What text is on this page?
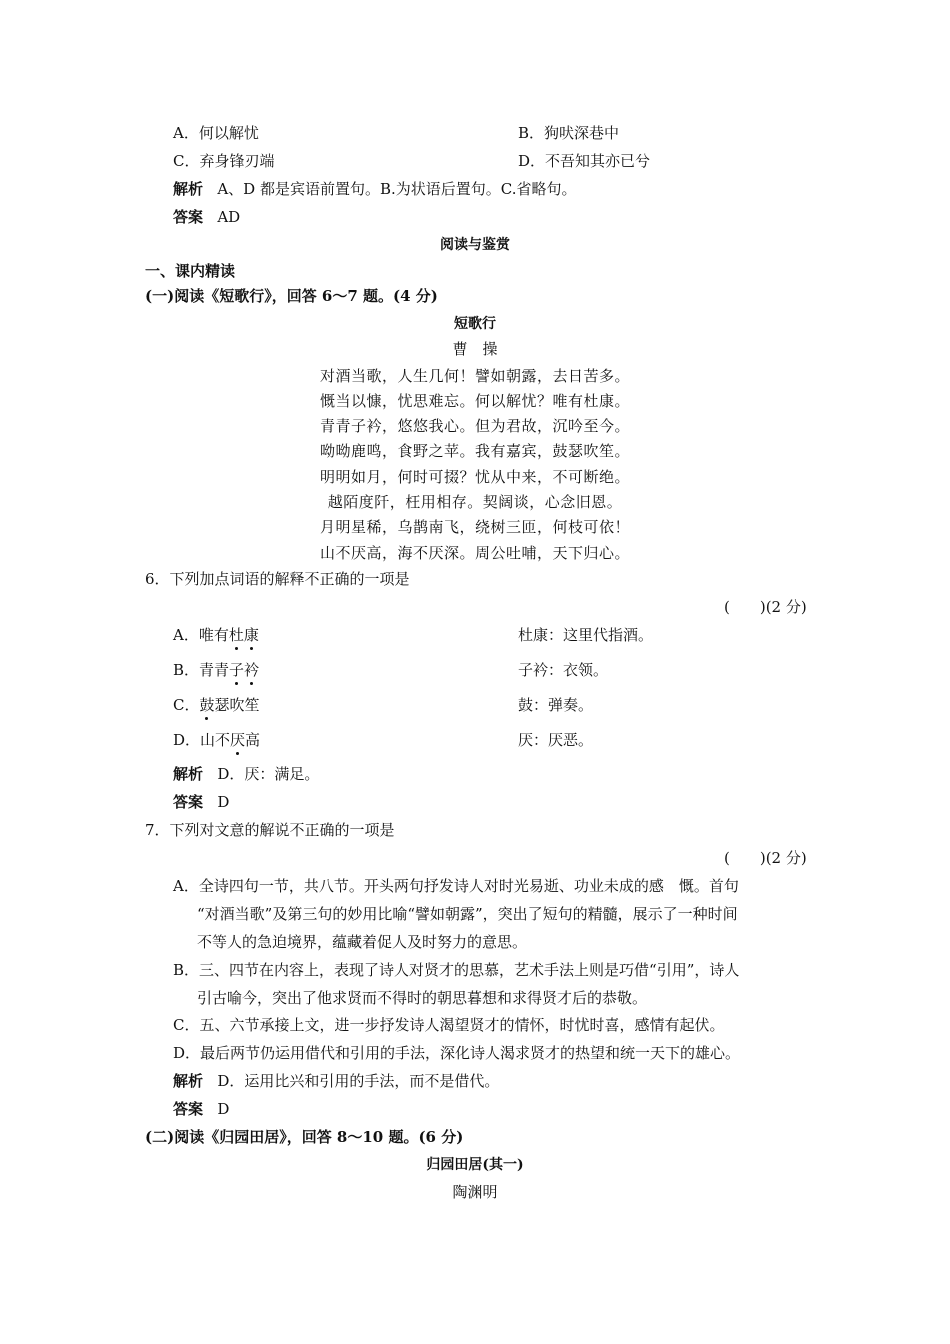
A．何以解忧	B．狗吠深巷中
C．弃身锋刃端	D．不吾知其亦已兮
解析 A、D 都是宾语前置句。B.为状语后置句。C.省略句。
答案 AD
阅读与鉴赏
一、课内精读
(一)阅读《短歌行》，回答 6～7 题。(4 分)
短歌行
曹　操
对酒当歌，人生几何！譬如朝露，去日苦多。
慨当以慷，忧思难忘。何以解忧？唯有杜康。
青青子衿，悠悠我心。但为君故，沉吟至今。
呦呦鹿鸣，食野之苹。我有嘉宾，鼓瑟吹笙。
明明如月，何时可掇？忧从中来，不可断绝。
越陌度阡，枉用相存。契阔谈，心念旧恩。
月明星稀，乌鹊南飞，绕树三匝，何枝可依！
山不厌高，海不厌深。周公吐哺，天下归心。
6．下列加点词语的解释不正确的一项是
(　　)(2 分)
A．唯有杜康	杜康：这里代指酒。
B．青青子衿	子衿：衣领。
C．鼓瑟吹笙	鼓：弹奏。
D．山不厌高	厌：厌恶。
解析 D．厌：满足。
答案 D
7．下列对文意的解说不正确的一项是
(　　)(2 分)
A．全诗四句一节，共八节。开头两句抒发诗人对时光易逝、功业未成的感　慨。首句
“对酒当歌”及第三句的妙用比喻“譬如朝露”，突出了短句的精髓，展示了一种时间
不等人的急迫境界，蕴藏着促人及时努力的意思。
B．三、四节在内容上，表现了诗人对贤才的思慕，艺术手法上则是巧借“引用”，诗人
引古喻今，突出了他求贤而不得时的朝思暮想和求得贤才后的恭敬。
C．五、六节承接上文，进一步抒发诗人渴望贤才的情怀，时忧时喜，感情有起伏。
D．最后两节仍运用借代和引用的手法，深化诗人渴求贤才的热望和统一天下的雄心。
解析 D．运用比兴和引用的手法，而不是借代。
答案 D
(二)阅读《归园田居》，回答 8～10 题。(6 分)
归园田居(其一)
陶渊明
